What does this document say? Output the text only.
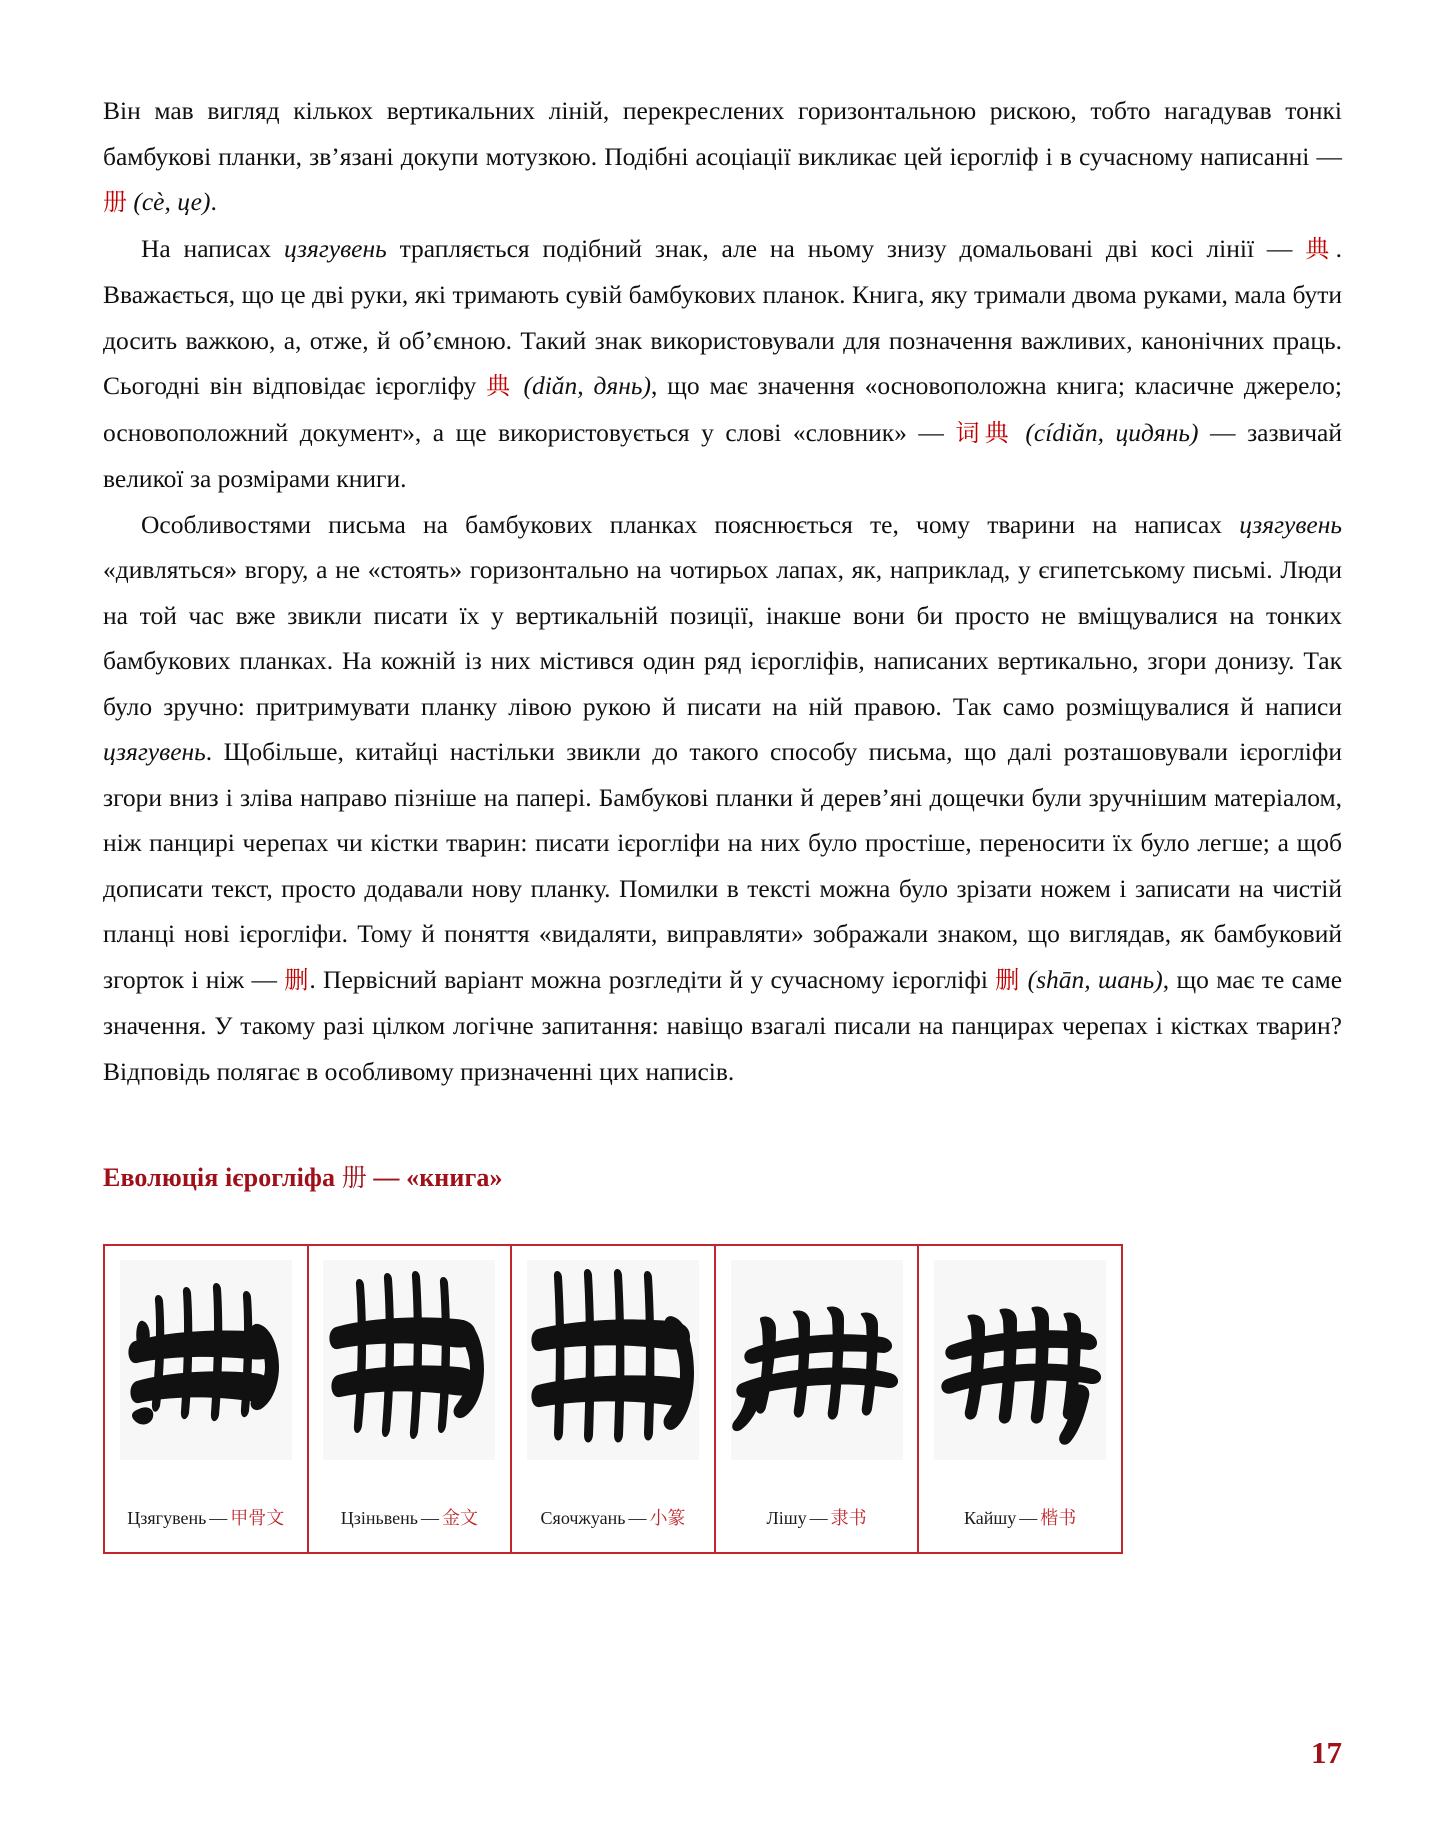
Він мав вигляд кількох вертикальних ліній, перекреслених горизонтальною рискою, тобто нагадував тонкі бамбукові планки, зв’язані докупи мотузкою. Подібні асоціації викликає цей ієрогліф і в сучасному написанні — 册 (cè, це).

На написах цзягувень трапляється подібний знак, але на ньому знизу домальовані дві косі лінії — 典. Вважається, що це дві руки, які тримають сувій бамбукових планок. Книга, яку тримали двома руками, мала бути досить важкою, а, отже, й об’ємною. Такий знак використовували для позначення важливих, канонічних праць. Сьогодні він відповідає ієрогліфу 典 (diǎn, дянь), що має значення «основоположна книга; класичне джерело; основоположний документ», а ще використовується у слові «словник» — 词典 (cídiǎn, цидянь) — зазвичай великої за розмірами книги.

Особливостями письма на бамбукових планках пояснюється те, чому тварини на написах цзягувень «дивляться» вгору, а не «стоять» горизонтально на чотирьох лапах, як, наприклад, у єгипетському письмі. Люди на той час вже звикли писати їх у вертикальній позиції, інакше вони би просто не вміщувалися на тонких бамбукових планках. На кожній із них містився один ряд ієрогліфів, написаних вертикально, згори донизу. Так було зручно: притримувати планку лівою рукою й писати на ній правою. Так само розміщувалися й написи цзягувень. Щобільше, китайці настільки звикли до такого способу письма, що далі розташовували ієрогліфи згори вниз і зліва направо пізніше на папері. Бамбукові планки й дерев’яні дощечки були зручнішим матеріалом, ніж панцирі черепах чи кістки тварин: писати ієрогліфи на них було простіше, переносити їх було легше; а щоб дописати текст, просто додавали нову планку. Помилки в тексті можна було зрізати ножем і записати на чистій планці нові ієрогліфи. Тому й поняття «видаляти, виправляти» зображали знаком, що виглядав, як бамбуковий згорток і ніж — 删. Первісний варіант можна розгледіти й у сучасному ієрогліфі 删 (shān, шань), що має те саме значення. У такому разі цілком логічне запитання: навіщо взагалі писали на панцирах черепах і кістках тварин? Відповідь полягає в особливому призначенні цих написів.

Еволюція ієрогліфа 册 — «книга»
Цзягувень — 甲骨文	Цзіньвень — 金文	Сяочжуань — 小篆	Лішу — 隶书	Кайшу — 楷书
17
